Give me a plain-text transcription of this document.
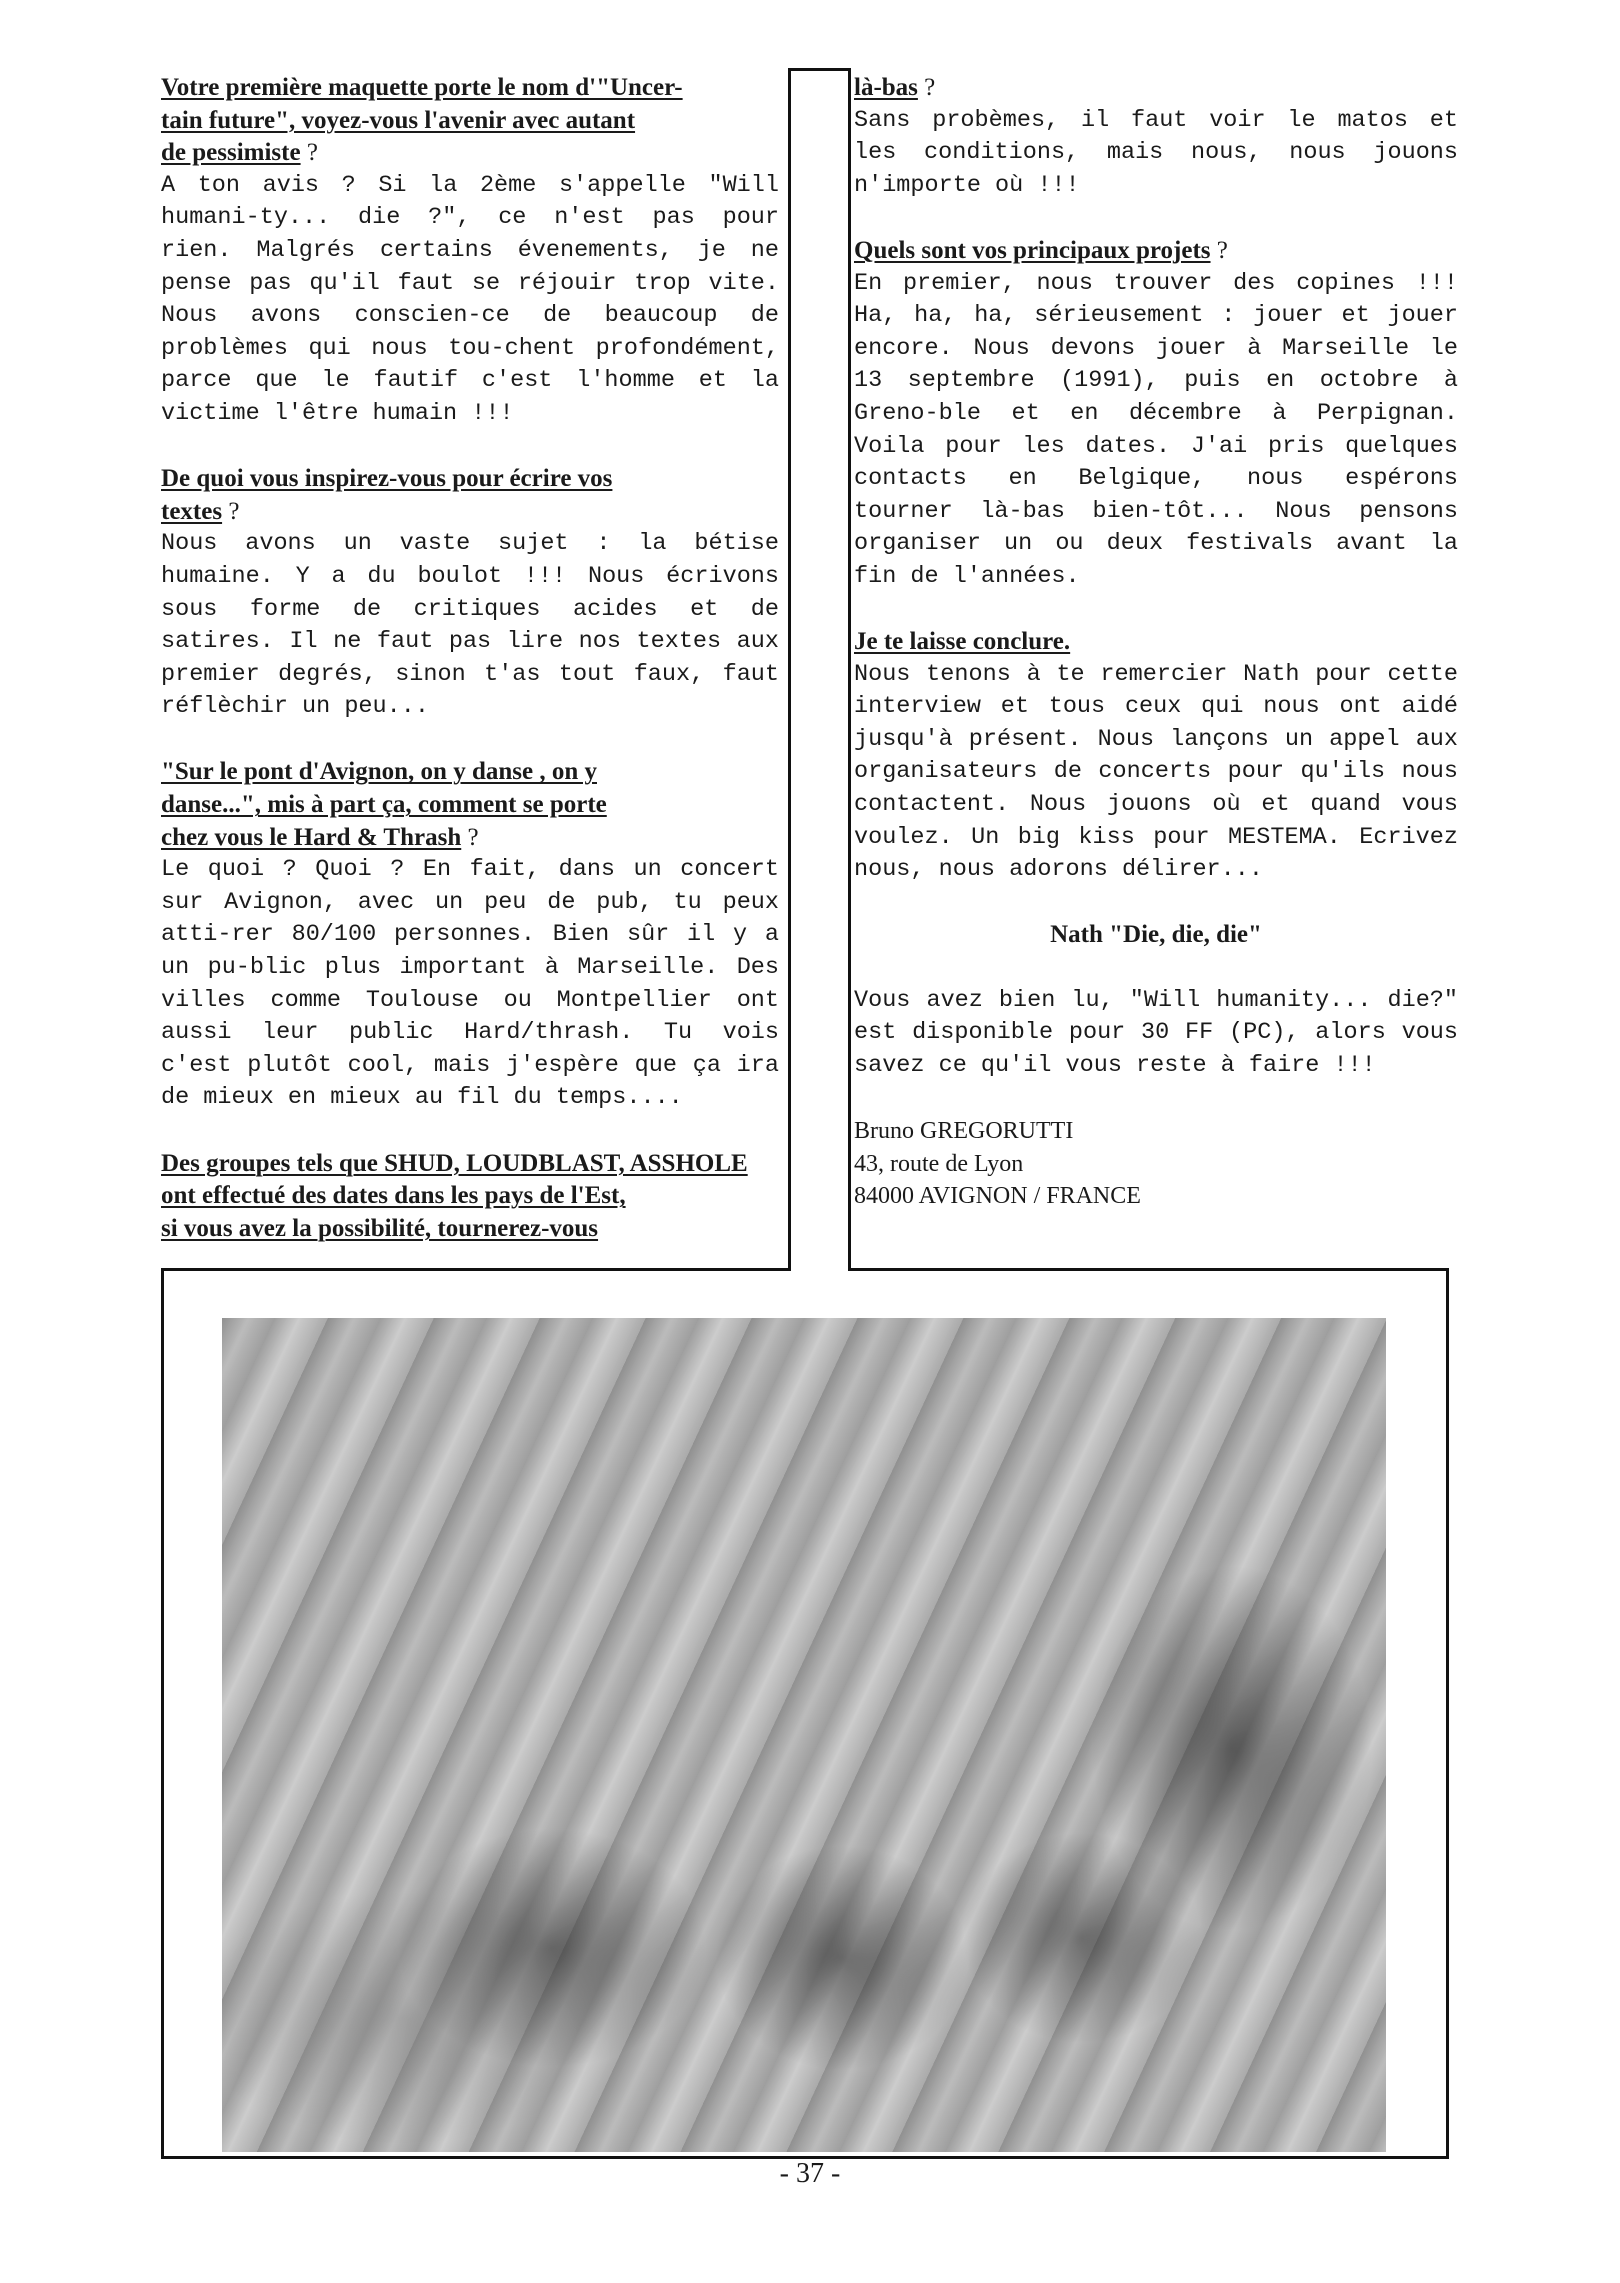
Votre première maquette porte le nom d'"Uncer-
tain future", voyez-vous l'avenir avec autant
de pessimiste ?
A ton avis ? Si la 2ème s'appelle "Will humani-ty... die ?", ce n'est pas pour rien. Malgrés certains évenements, je ne pense pas qu'il faut se réjouir trop vite. Nous avons conscien-ce de beaucoup de problèmes qui nous tou-chent profondément, parce que le fautif c'est l'homme et la victime l'être humain !!!
De quoi vous inspirez-vous pour écrire vos
textes ?
Nous avons un vaste sujet : la bétise humaine. Y a du boulot !!! Nous écrivons sous forme de critiques acides et de satires. Il ne faut pas lire nos textes aux premier degrés, sinon t'as tout faux, faut réflèchir un peu...
"Sur le pont d'Avignon, on y danse , on y
danse...", mis à part ça, comment se porte
chez vous le Hard & Thrash ?
Le quoi ? Quoi ? En fait, dans un concert sur Avignon, avec un peu de pub, tu peux atti-rer 80/100 personnes. Bien sûr il y a un pu-blic plus important à Marseille. Des villes comme Toulouse ou Montpellier ont aussi leur public Hard/thrash. Tu vois c'est plutôt cool, mais j'espère que ça ira de mieux en mieux au fil du temps....
Des groupes tels que SHUD, LOUDBLAST, ASSHOLE
ont effectué des dates dans les pays de l'Est,
si vous avez la possibilité, tournerez-vous
là-bas ?
Sans probèmes, il faut voir le matos et les conditions, mais nous, nous jouons n'importe où !!!
Quels sont vos principaux projets ?
En premier, nous trouver des copines !!! Ha, ha, ha, sérieusement : jouer et jouer encore. Nous devons jouer à Marseille le 13 septembre (1991), puis en octobre à Greno-ble et en décembre à Perpignan. Voila pour les dates. J'ai pris quelques contacts en Belgique, nous espérons tourner là-bas bien-tôt... Nous pensons organiser un ou deux festivals avant la fin de l'années.
Je te laisse conclure.
Nous tenons à te remercier Nath pour cette interview et tous ceux qui nous ont aidé jusqu'à présent. Nous lançons un appel aux organisateurs de concerts pour qu'ils nous contactent. Nous jouons où et quand vous voulez. Un big kiss pour MESTEMA. Ecrivez nous, nous adorons délirer...
Nath "Die, die, die"
Vous avez bien lu, "Will humanity... die?" est disponible pour 30 FF (PC), alors vous savez ce qu'il vous reste à faire !!!
Bruno GREGORUTTI
43, route de Lyon
84000 AVIGNON / FRANCE
- 37 -
